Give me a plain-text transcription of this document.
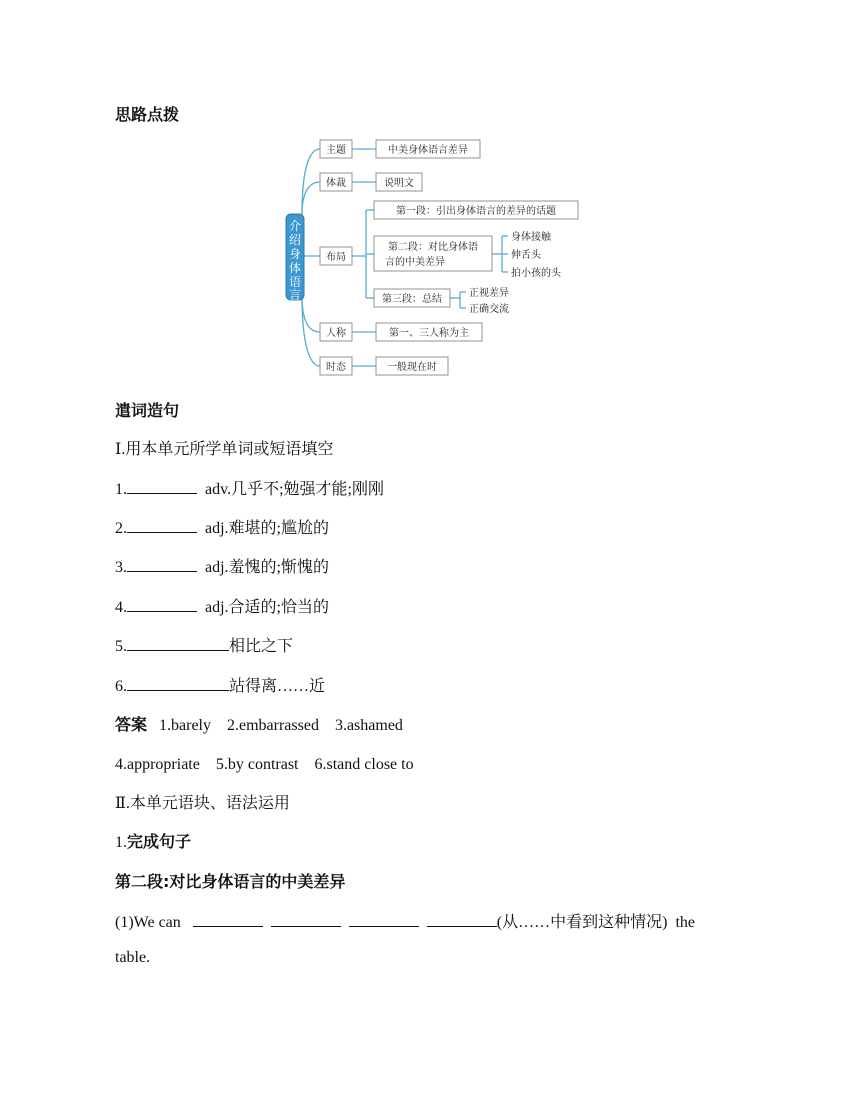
思路点拨
介
绍
身
体
语
言
主题	中美身体语言差异
体裁	说明文
布局
第一段：引出身体语言的差异的话题
第二段：对比身体语
言的中美差异
身体接触
伸舌头
拍小孩的头
第三段：总结
正视差异
正确交流
人称	第一、三人称为主
时态	一般现在时
遣词造句
Ⅰ.用本单元所学单词或短语填空
1.	adv.几乎不;勉强才能;刚刚
2.	adj.难堪的;尴尬的
3.	adj.羞愧的;惭愧的
4.	adj.合适的;恰当的
5.	相比之下
6.	站得离……近
答案 1.barely　2.embarrassed　3.ashamed
4.appropriate　5.by contrast　6.stand close to
Ⅱ.本单元语块、语法运用
1.完成句子
第二段:对比身体语言的中美差异
(1)We can	(从……中看到这种情况) the
table.
